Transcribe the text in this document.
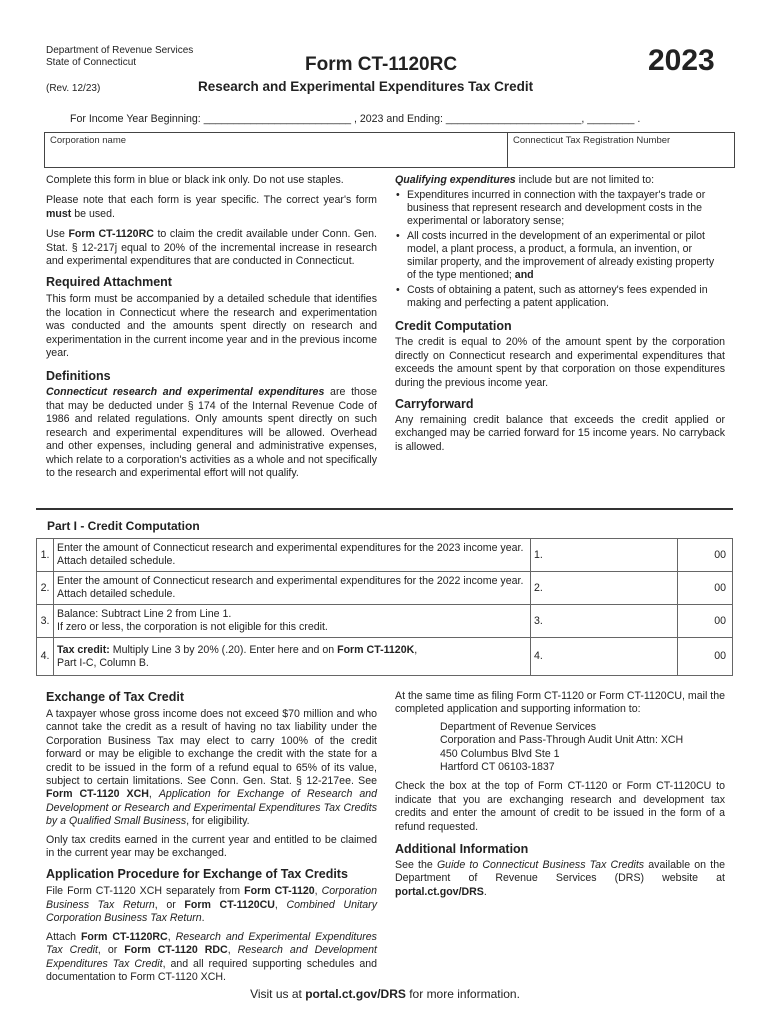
Department of Revenue Services
State of Connecticut
(Rev. 12/23)
Form CT-1120RC
Research and Experimental Expenditures Tax Credit
2023
For Income Year Beginning: _________________________ , 2023 and Ending: _______________________, ________ .
Corporation name	Connecticut Tax Registration Number

Complete this form in blue or black ink only. Do not use staples.

Please note that each form is year specific. The correct year's form must be used.

Use Form CT-1120RC to claim the credit available under Conn. Gen. Stat. § 12-217j equal to 20% of the incremental increase in research and experimental expenditures that are conducted in Connecticut.

Required Attachment

This form must be accompanied by a detailed schedule that identifies the location in Connecticut where the research and experimentation was conducted and the amounts spent directly on research and experimentation in the current income year and in the previous income year.

Definitions

Connecticut research and experimental expenditures are those that may be deducted under § 174 of the Internal Revenue Code of 1986 and related regulations. Only amounts spent directly on such research and experimental expenditures will be allowed. Overhead and other expenses, including general and administrative expenses, which relate to a corporation's activities as a whole and not specifically to the research and experimental effort will not qualify.

Qualifying expenditures include but are not limited to:

• Expenditures incurred in connection with the taxpayer's trade or business that represent research and development costs in the experimental or laboratory sense;
• All costs incurred in the development of an experimental or pilot model, a plant process, a product, a formula, an invention, or similar property, and the improvement of already existing property of the type mentioned; and
• Costs of obtaining a patent, such as attorney's fees expended in making and perfecting a patent application.

Credit Computation

The credit is equal to 20% of the amount spent by the corporation directly on Connecticut research and experimental expenditures that exceeds the amount spent by that corporation on those expenditures during the previous income year.

Carryforward

Any remaining credit balance that exceeds the credit applied or exchanged may be carried forward for 15 income years. No carryback is allowed.

Part I - Credit Computation
1.	Enter the amount of Connecticut research and experimental expenditures for the 2023 income year. Attach detailed schedule.	1.	00
2.	Enter the amount of Connecticut research and experimental expenditures for the 2022 income year. Attach detailed schedule.	2.	00
3.	Balance: Subtract Line 2 from Line 1.
If zero or less, the corporation is not eligible for this credit.	3.	00
4.	Tax credit: Multiply Line 3 by 20% (.20). Enter here and on Form CT-1120K,
Part I-C, Column B.	4.	00

Exchange of Tax Credit

A taxpayer whose gross income does not exceed $70 million and who cannot take the credit as a result of having no tax liability under the Corporation Business Tax may elect to carry 100% of the credit forward or may be eligible to exchange the credit with the state for a credit to be issued in the form of a refund equal to 65% of its value, subject to certain limitations. See Conn. Gen. Stat. § 12-217ee. See Form CT-1120 XCH, Application for Exchange of Research and Development or Research and Experimental Expenditures Tax Credits by a Qualified Small Business, for eligibility.

Only tax credits earned in the current year and entitled to be claimed in the current year may be exchanged.

Application Procedure for Exchange of Tax Credits

File Form CT-1120 XCH separately from Form CT-1120, Corporation Business Tax Return, or Form CT-1120CU, Combined Unitary Corporation Business Tax Return.

Attach Form CT-1120RC, Research and Experimental Expenditures Tax Credit, or Form CT-1120 RDC, Research and Development Expenditures Tax Credit, and all required supporting schedules and documentation to Form CT-1120 XCH.

At the same time as filing Form CT-1120 or Form CT-1120CU, mail the completed application and supporting information to:

Department of Revenue Services
Corporation and Pass-Through Audit Unit Attn: XCH
450 Columbus Blvd Ste 1
Hartford CT 06103-1837

Check the box at the top of Form CT-1120 or Form CT-1120CU to indicate that you are exchanging research and development tax credits and enter the amount of credit to be issued in the form of a refund requested.

Additional Information

See the Guide to Connecticut Business Tax Credits available on the Department of Revenue Services (DRS) website at portal.ct.gov/DRS.

Visit us at portal.ct.gov/DRS for more information.
